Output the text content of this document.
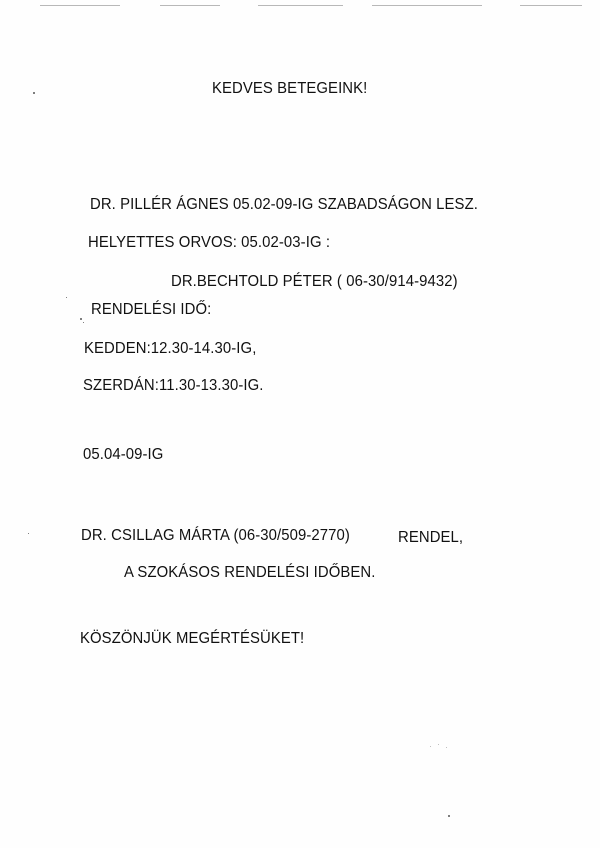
KEDVES BETEGEINK!
DR. PILLÉR ÁGNES 05.02-09-IG SZABADSÁGON LESZ.
HELYETTES ORVOS: 05.02-03-IG :
DR.BECHTOLD PÉTER ( 06-30/914-9432)
RENDELÉSI IDŐ:
KEDDEN:12.30-14.30-IG,
SZERDÁN:11.30-13.30-IG.
05.04-09-IG
DR. CSILLAG MÁRTA (06-30/509-2770)	RENDEL,
A SZOKÁSOS RENDELÉSI IDŐBEN.
KÖSZÖNJÜK MEGÉRTÉSÜKET!
